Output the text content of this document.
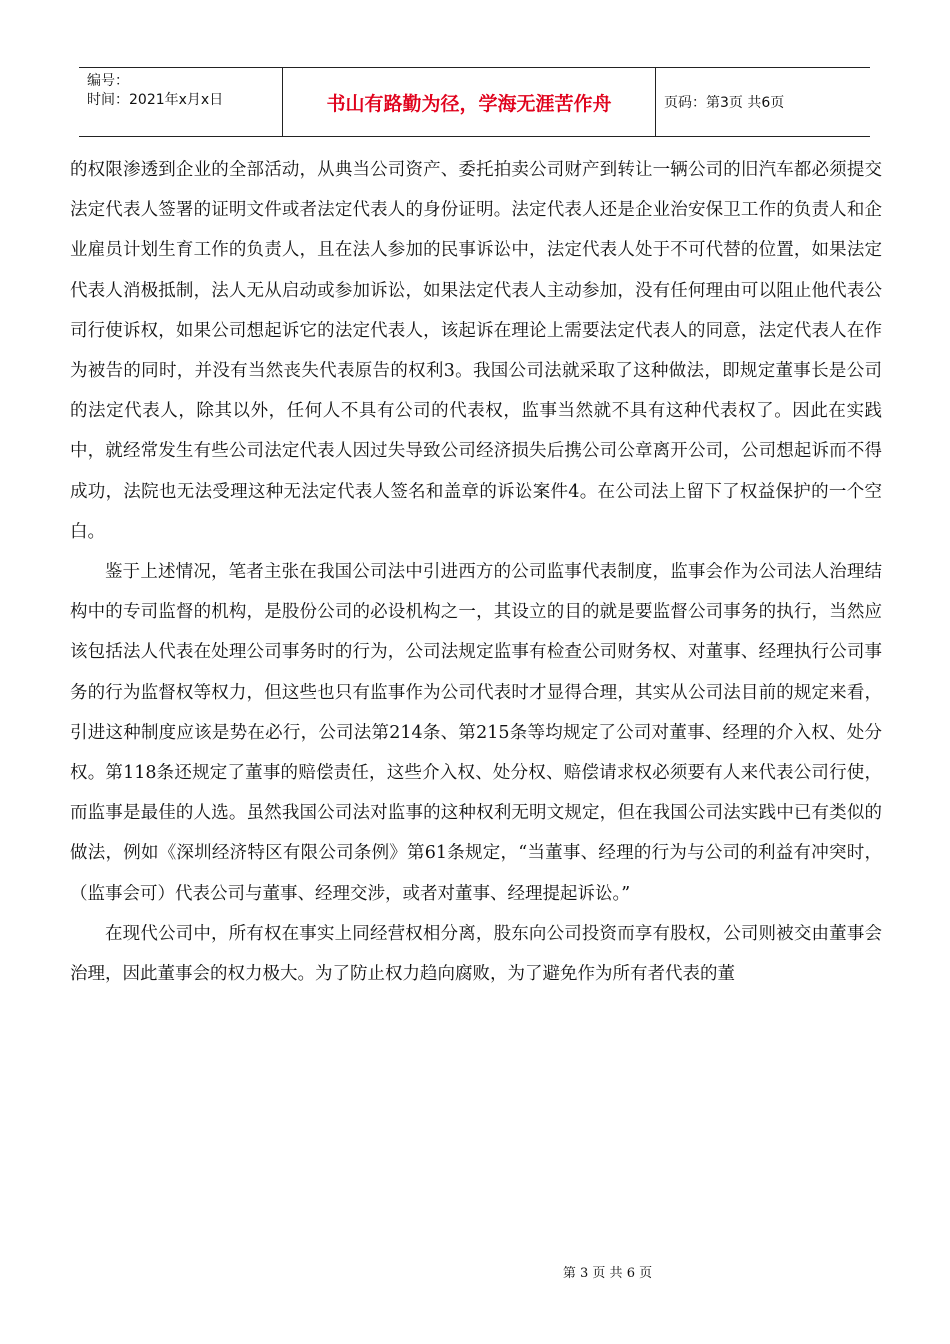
编号：
时间：2021年x月x日	书山有路勤为径，学海无涯苦作舟	页码：第3页 共6页

的权限渗透到企业的全部活动，从典当公司资产、委托拍卖公司财产到转让一辆公司的旧汽车都必须提交法定代表人签署的证明文件或者法定代表人的身份证明。法定代表人还是企业治安保卫工作的负责人和企业雇员计划生育工作的负责人，且在法人参加的民事诉讼中，法定代表人处于不可代替的位置，如果法定代表人消极抵制，法人无从启动或参加诉讼，如果法定代表人主动参加，没有任何理由可以阻止他代表公司行使诉权，如果公司想起诉它的法定代表人，该起诉在理论上需要法定代表人的同意，法定代表人在作为被告的同时，并没有当然丧失代表原告的权利3。我国公司法就采取了这种做法，即规定董事长是公司的法定代表人，除其以外，任何人不具有公司的代表权，监事当然就不具有这种代表权了。因此在实践中，就经常发生有些公司法定代表人因过失导致公司经济损失后携公司公章离开公司，公司想起诉而不得成功，法院也无法受理这种无法定代表人签名和盖章的诉讼案件4。在公司法上留下了权益保护的一个空白。

鉴于上述情况，笔者主张在我国公司法中引进西方的公司监事代表制度，监事会作为公司法人治理结构中的专司监督的机构，是股份公司的必设机构之一，其设立的目的就是要监督公司事务的执行，当然应该包括法人代表在处理公司事务时的行为，公司法规定监事有检查公司财务权、对董事、经理执行公司事务的行为监督权等权力，但这些也只有监事作为公司代表时才显得合理，其实从公司法目前的规定来看，引进这种制度应该是势在必行，公司法第214条、第215条等均规定了公司对董事、经理的介入权、处分权。第118条还规定了董事的赔偿责任，这些介入权、处分权、赔偿请求权必须要有人来代表公司行使，而监事是最佳的人选。虽然我国公司法对监事的这种权利无明文规定，但在我国公司法实践中已有类似的做法，例如《深圳经济特区有限公司条例》第61条规定，“当董事、经理的行为与公司的利益有冲突时，（监事会可）代表公司与董事、经理交涉，或者对董事、经理提起诉讼。”

在现代公司中，所有权在事实上同经营权相分离，股东向公司投资而享有股权，公司则被交由董事会治理，因此董事会的权力极大。为了防止权力趋向腐败，为了避免作为所有者代表的董

第 3 页 共 6 页
